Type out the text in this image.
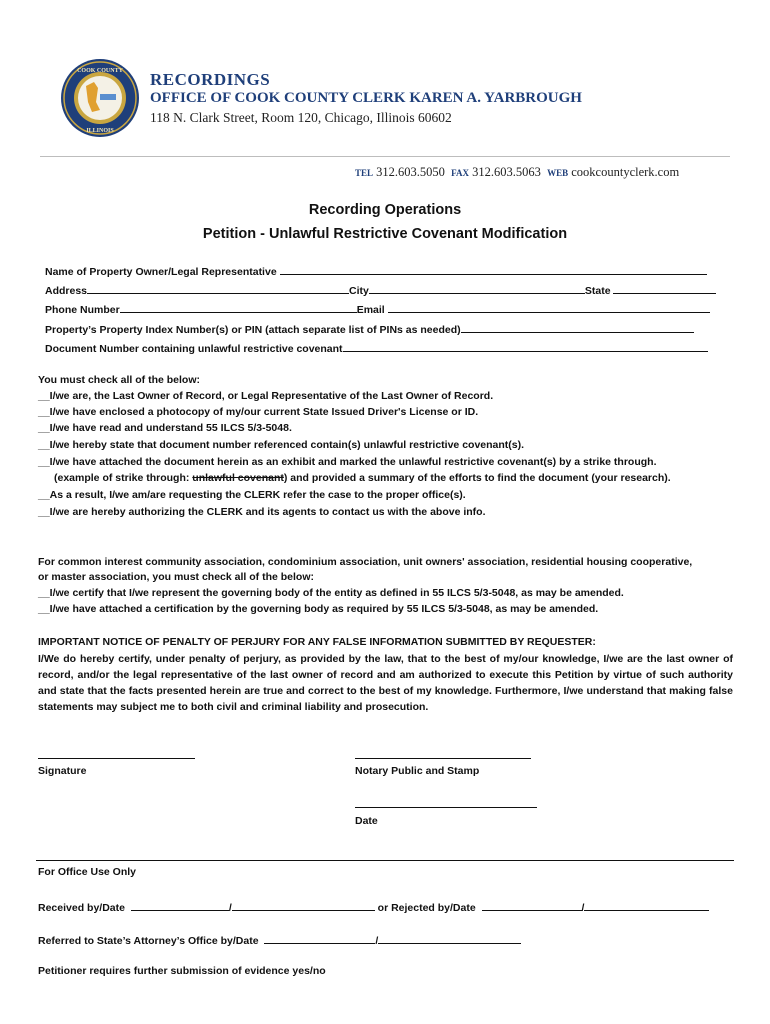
COOK COUNTY
ILLINOIS
RECORDINGS
OFFICE OF COOK COUNTY CLERK KAREN A. YARBROUGH
118 N. Clark Street, Room 120, Chicago, Illinois 60602
TEL 312.603.5050 FAX 312.603.5063 WEB cookcountyclerk.com
Recording Operations
Petition - Unlawful Restrictive Covenant Modification
Name of Property Owner/Legal Representative
Address	City	State
Phone Number	Email
Property’s Property Index Number(s) or PIN (attach separate list of PINs as needed)
Document Number containing unlawful restrictive covenant
You must check all of the below:
__I/we are, the Last Owner of Record, or Legal Representative of the Last Owner of Record.
__I/we have enclosed a photocopy of my/our current State Issued Driver's License or ID.
__I/we have read and understand 55 ILCS 5/3-5048.
__I/we hereby state that document number referenced contain(s) unlawful restrictive covenant(s).
__I/we have attached the document herein as an exhibit and marked the unlawful restrictive covenant(s) by a strike through.
(example of strike through: unlawful covenant) and provided a summary of the efforts to find the document (your research).
__As a result, I/we am/are requesting the CLERK refer the case to the proper office(s).
__I/we are hereby authorizing the CLERK and its agents to contact us with the above info.
For common interest community association, condominium association, unit owners' association, residential housing cooperative,
or master association, you must check all of the below:
__I/we certify that I/we represent the governing body of the entity as defined in 55 ILCS 5/3-5048, as may be amended.
__I/we have attached a certification by the governing body as required by 55 ILCS 5/3-5048, as may be amended.
IMPORTANT NOTICE OF PENALTY OF PERJURY FOR ANY FALSE INFORMATION SUBMITTED BY REQUESTER:
I/We do hereby certify, under penalty of perjury, as provided by the law, that to the best of my/our knowledge, I/we are the last owner of record, and/or the legal representative of the last owner of record and am authorized to execute this Petition by virtue of such authority and state that the facts presented herein are true and correct to the best of my knowledge. Furthermore, I/we understand that making false statements may subject me to both civil and criminal liability and prosecution.
Signature	Notary Public and Stamp
Date
For Office Use Only
Received by/Date	/	or Rejected by/Date	/
Referred to State’s Attorney’s Office by/Date	/
Petitioner requires further submission of evidence yes/no
